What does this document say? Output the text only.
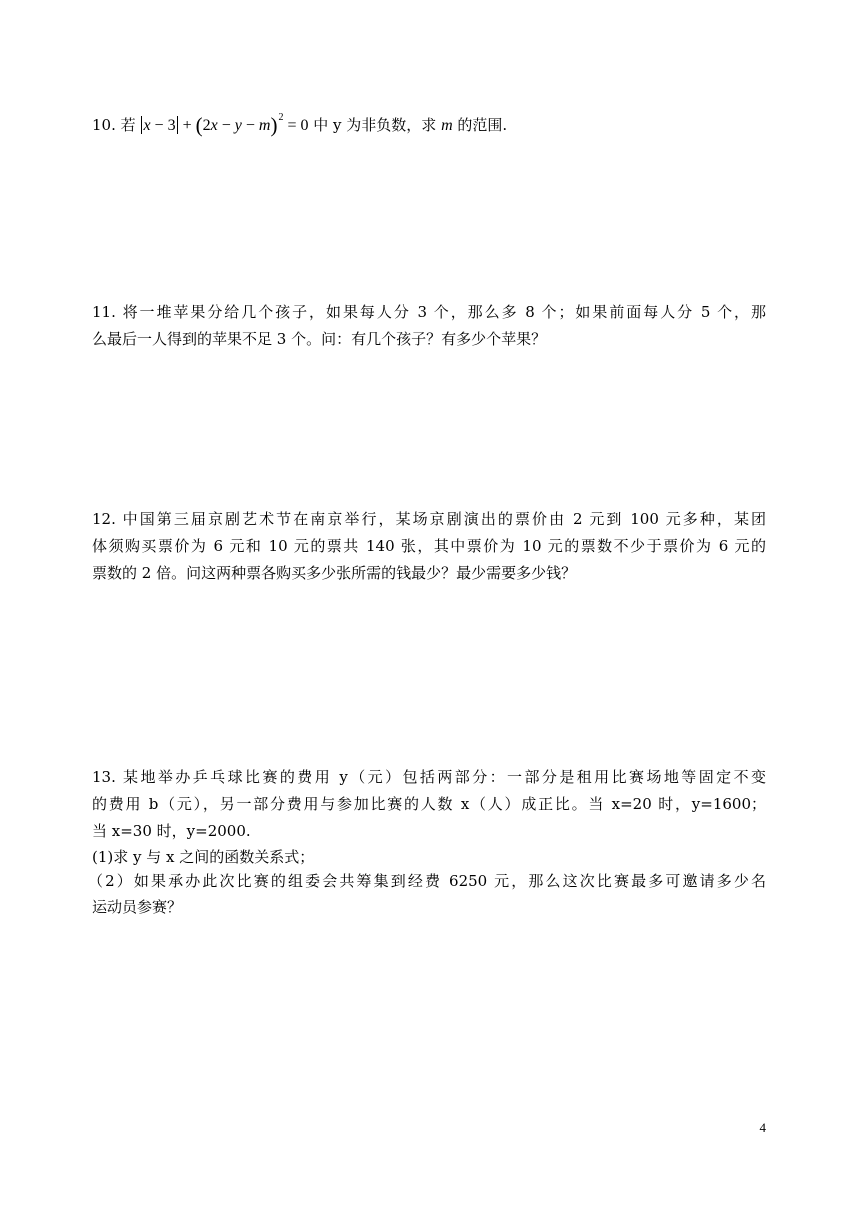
10. 若 $x - 3 + (2x - y - m)^2 = 0$ 中 y 为非负数，求 m 的范围.
11. 将一堆苹果分给几个孩子，如果每人分 3 个，那么多 8 个；如果前面每人分 5 个，那
么最后一人得到的苹果不足 3 个。问：有几个孩子？有多少个苹果？
12. 中国第三届京剧艺术节在南京举行，某场京剧演出的票价由 2 元到 100 元多种，某团
体须购买票价为 6 元和 10 元的票共 140 张，其中票价为 10 元的票数不少于票价为 6 元的
票数的 2 倍。问这两种票各购买多少张所需的钱最少？最少需要多少钱？
13. 某地举办乒乓球比赛的费用 y（元）包括两部分：一部分是租用比赛场地等固定不变
的费用 b（元），另一部分费用与参加比赛的人数 x（人）成正比。当 x=20 时，y=1600；
当 x=30 时，y=2000.
(1)求 y 与 x 之间的函数关系式；
（2）如果承办此次比赛的组委会共筹集到经费 6250 元，那么这次比赛最多可邀请多少名
运动员参赛？
4
